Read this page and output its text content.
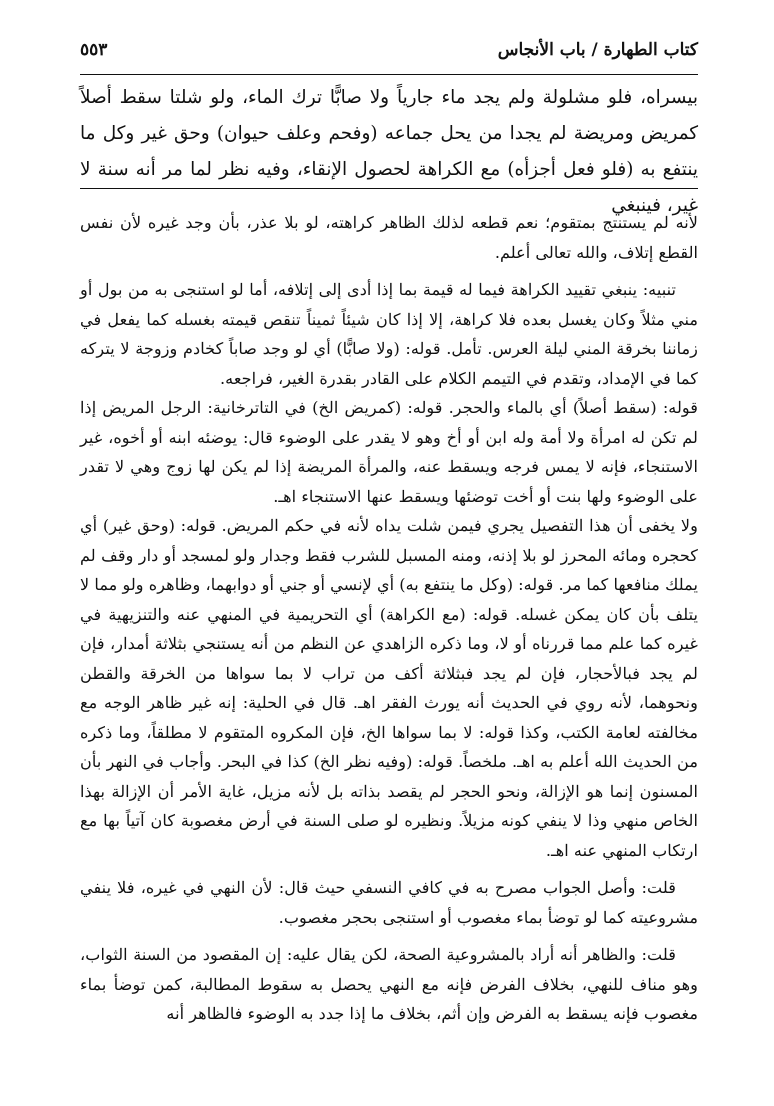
كتاب الطهارة / باب الأنجاس
٥٥٣

بيسراه، فلو مشلولة ولم يجد ماء جارياً ولا صابًّا ترك الماء، ولو شلتا سقط أصلاً كمريض ومريضة لم يجدا من يحل جماعه (وفحم وعلف حيوان) وحق غير وكل ما ينتفع به (فلو فعل أجزأه) مع الكراهة لحصول الإنقاء، وفيه نظر لما مر أنه سنة لا غير، فينبغي

لأنه لم يستنتج بمتقوم؛ نعم قطعه لذلك الظاهر كراهته، لو بلا عذر، بأن وجد غيره لأن نفس القطع إتلاف، والله تعالى أعلم.

تنبيه: ينبغي تقييد الكراهة فيما له قيمة بما إذا أدى إلى إتلافه، أما لو استنجى به من بول أو مني مثلاً وكان يغسل بعده فلا كراهة، إلا إذا كان شيئاً ثميناً تنقص قيمته بغسله كما يفعل في زماننا بخرقة المني ليلة العرس. تأمل. قوله: (ولا صابًّا) أي لو وجد صاباً كخادم وزوجة لا يتركه كما في الإمداد، وتقدم في التيمم الكلام على القادر بقدرة الغير، فراجعه.

قوله: (سقط أصلاً) أي بالماء والحجر. قوله: (كمريض الخ) في التاترخانية: الرجل المريض إذا لم تكن له امرأة ولا أمة وله ابن أو أخ وهو لا يقدر على الوضوء قال: يوضئه ابنه أو أخوه، غير الاستنجاء، فإنه لا يمس فرجه ويسقط عنه، والمرأة المريضة إذا لم يكن لها زوج وهي لا تقدر على الوضوء ولها بنت أو أخت توضئها ويسقط عنها الاستنجاء اهـ.

ولا يخفى أن هذا التفصيل يجري فيمن شلت يداه لأنه في حكم المريض. قوله: (وحق غير) أي كحجره ومائه المحرز لو بلا إذنه، ومنه المسبل للشرب فقط وجدار ولو لمسجد أو دار وقف لم يملك منافعها كما مر. قوله: (وكل ما ينتفع به) أي لإنسي أو جني أو دوابهما، وظاهره ولو مما لا يتلف بأن كان يمكن غسله. قوله: (مع الكراهة) أي التحريمية في المنهي عنه والتنزيهية في غيره كما علم مما قررناه أو لا، وما ذكره الزاهدي عن النظم من أنه يستنجي بثلاثة أمدار، فإن لم يجد فبالأحجار، فإن لم يجد فبثلاثة أكف من تراب لا بما سواها من الخرقة والقطن ونحوهما، لأنه روي في الحديث أنه يورث الفقر اهـ. قال في الحلية: إنه غير ظاهر الوجه مع مخالفته لعامة الكتب، وكذا قوله: لا بما سواها الخ، فإن المكروه المتقوم لا مطلقاً، وما ذكره من الحديث الله أعلم به اهـ. ملخصاً. قوله: (وفيه نظر الخ) كذا في البحر. وأجاب في النهر بأن المسنون إنما هو الإزالة، ونحو الحجر لم يقصد بذاته بل لأنه مزيل، غاية الأمر أن الإزالة بهذا الخاص منهي وذا لا ينفي كونه مزيلاً. ونظيره لو صلى السنة في أرض مغصوبة كان آتياً بها مع ارتكاب المنهي عنه اهـ.

قلت: وأصل الجواب مصرح به في كافي النسفي حيث قال: لأن النهي في غيره، فلا ينفي مشروعيته كما لو توضأ بماء مغصوب أو استنجى بحجر مغصوب.

قلت: والظاهر أنه أراد بالمشروعية الصحة، لكن يقال عليه: إن المقصود من السنة الثواب، وهو مناف للنهي، بخلاف الفرض فإنه مع النهي يحصل به سقوط المطالبة، كمن توضأ بماء مغصوب فإنه يسقط به الفرض وإن أثم، بخلاف ما إذا جدد به الوضوء فالظاهر أنه
